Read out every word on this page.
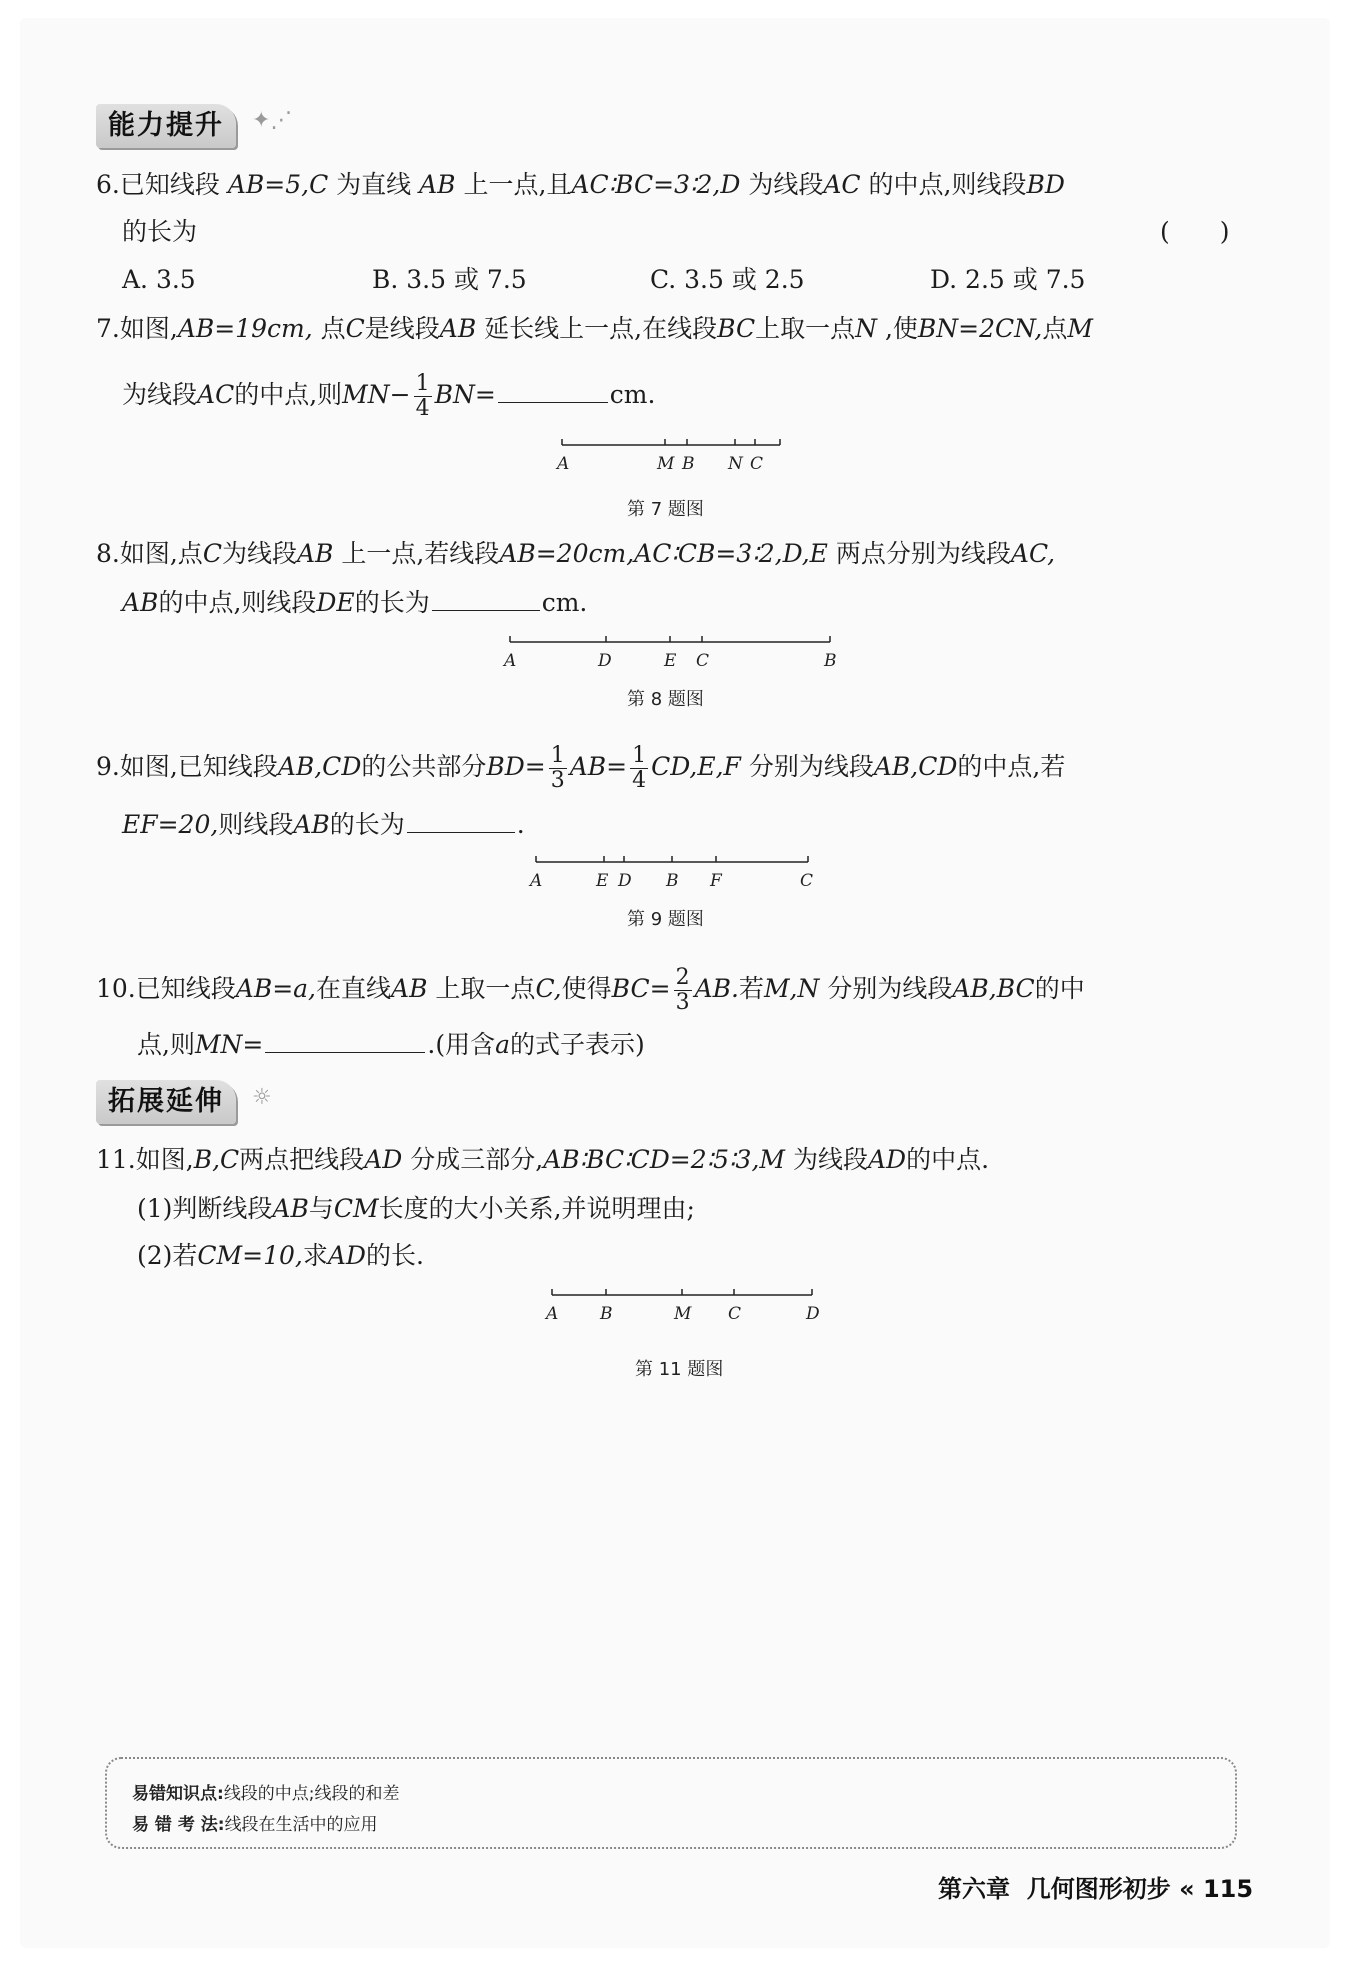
能力提升	✦⋰
6.已知线段 AB=5,C 为直线 AB 上一点,且AC∶BC=3∶2,D 为线段AC 的中点,则线段BD
的长为	(　　)
A. 3.5	B. 3.5 或 7.5	C. 3.5 或 2.5	D. 2.5 或 7.5
7.如图,AB=19cm, 点C是线段AB 延长线上一点,在线段BC上取一点N ,使BN=2CN,点M
为线段AC的中点,则$MN- \frac{1}{4} BN=$	cm.
A	M B N C
第 7 题图
8.如图,点C为线段AB 上一点,若线段AB=20cm,AC∶CB=3∶2,D,E 两点分别为线段AC,
AB的中点,则线段DE的长为	cm.
A	D	E C	B
第 8 题图
9.如图,已知线段AB,CD的公共部分$BD= \frac{1}{3} AB= \frac{1}{4} CD,E,F$ 分别为线段AB,CD的中点,若
EF=20,则线段AB的长为	.
A	E D B F	C
第 9 题图
10.已知线段AB=a,在直线AB 上取一点C,使得$BC= \frac{2}{3}$ AB.若M,N 分别为线段AB,BC的中
点,则MN=	.(用含a的式子表示)
拓展延伸	☼
11.如图,B,C两点把线段AD 分成三部分,AB∶BC∶CD=2∶5∶3,M 为线段AD的中点.
(1)判断线段AB与CM长度的大小关系,并说明理由;
(2)若CM=10,求AD的长.
A B	M C	D
第 11 题图
易错知识点:线段的中点;线段的和差
易 错 考 法:线段在生活中的应用
第六章 几何图形初步 « 115
